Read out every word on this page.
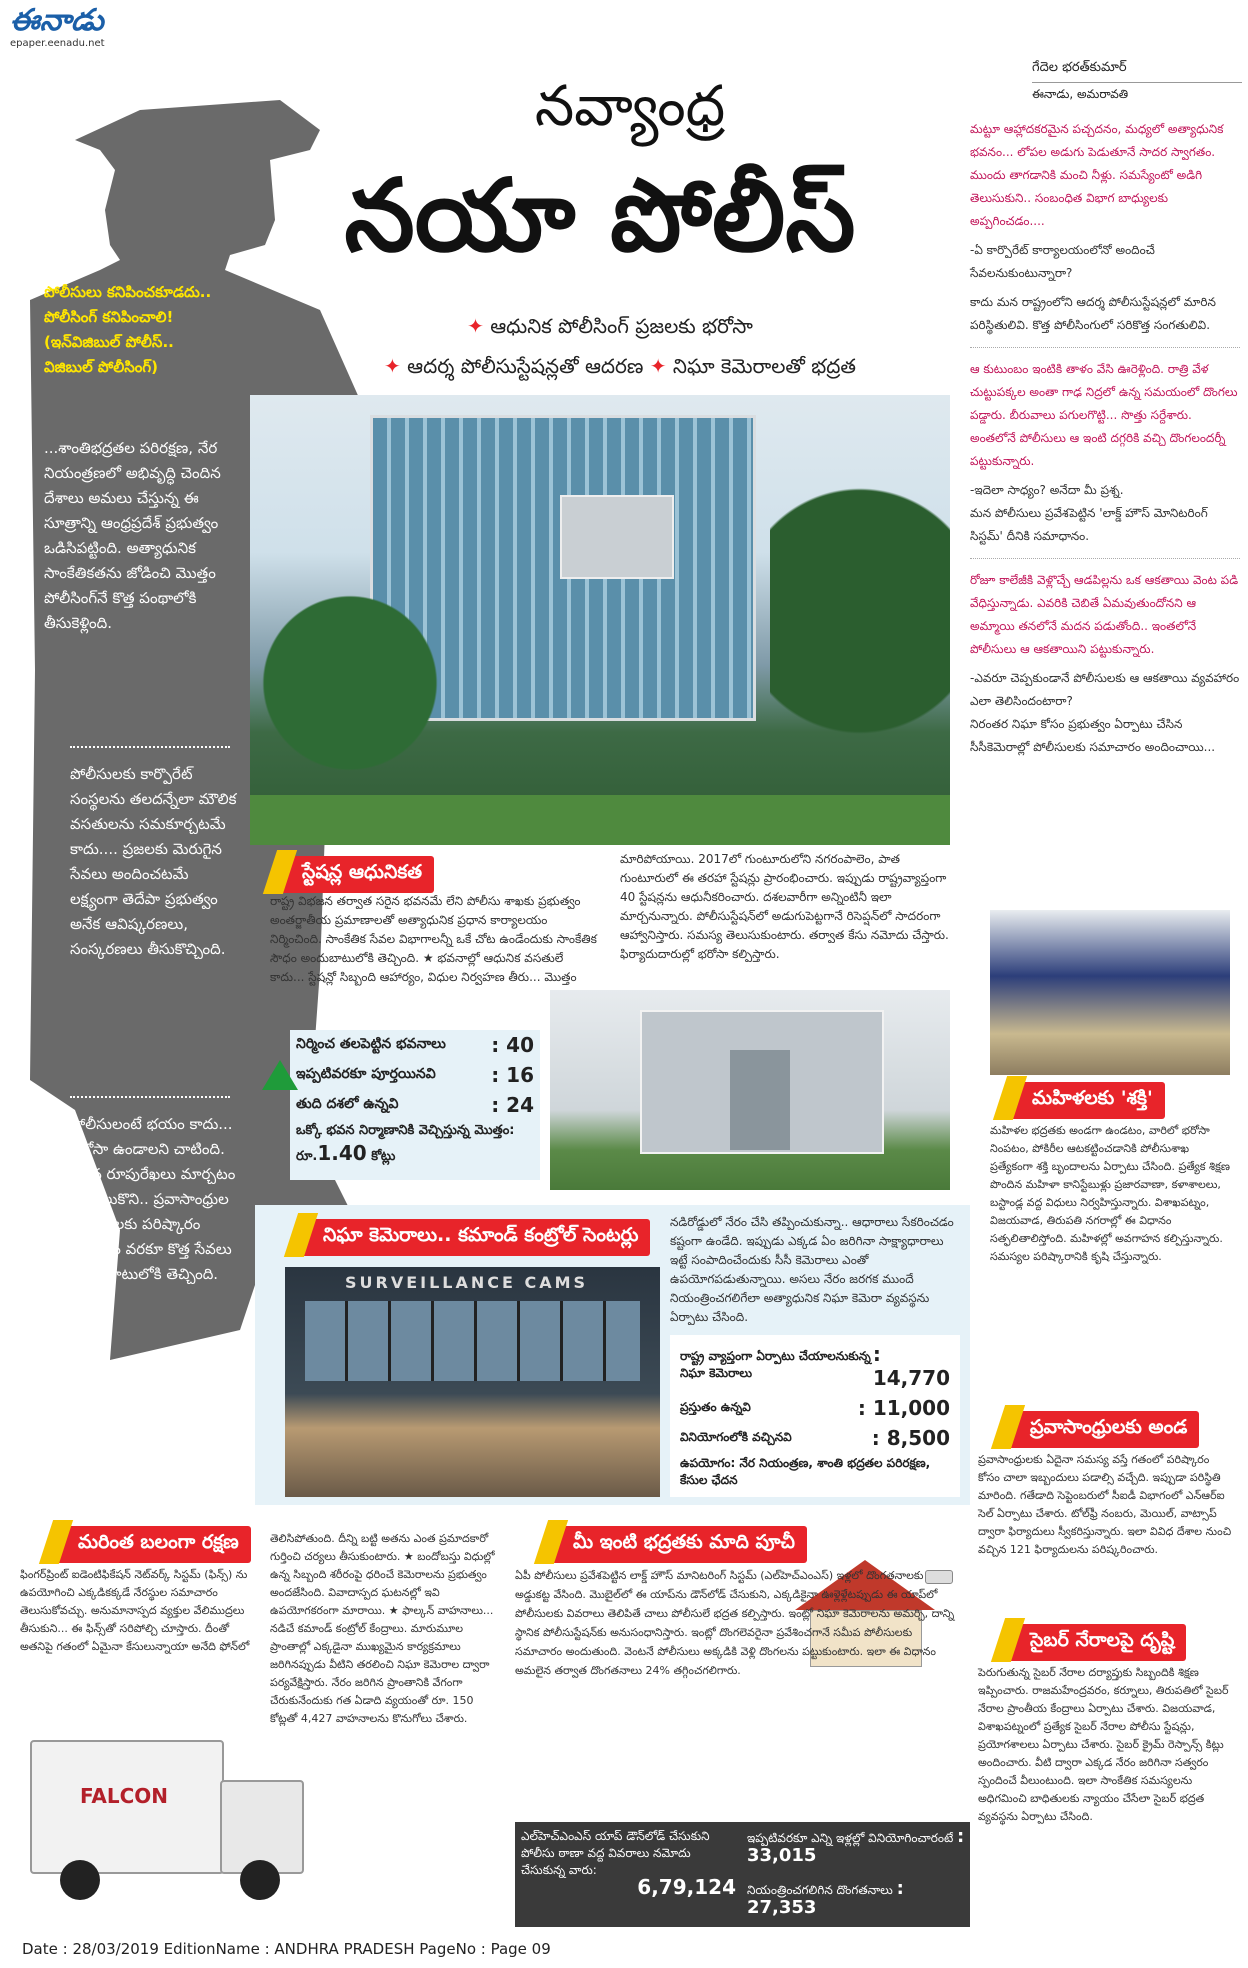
ఈనాడు
epaper.eenadu.net
నవ్యాంధ్ర
నయా పోలీస్
✦ ఆధునిక పోలీసింగ్ ప్రజలకు భరోసా
✦ ఆదర్శ పోలీసుస్టేషన్లతో ఆదరణ ✦ నిఘా కెమెరాలతో భద్రత
గేదెల భరత్‌కుమార్
ఈనాడు, అమరావతి
పోలీసులు కనిపించకూడదు..
పోలీసింగ్ కనిపించాలి!
(ఇన్‌విజిబుల్ పోలీస్..
విజిబుల్ పోలీసింగ్)
...శాంతిభద్రతల పరిరక్షణ, నేర నియంత్రణలో అభివృద్ధి చెందిన దేశాలు అమలు చేస్తున్న ఈ సూత్రాన్ని ఆంధ్రప్రదేశ్ ప్రభుత్వం ఒడిసిపట్టింది. అత్యాధునిక సాంకేతికతను జోడించి మొత్తం పోలీసింగ్‌నే కొత్త పంథాలోకి తీసుకెళ్లింది.
పోలీసులకు కార్పొరేట్ సంస్థలను తలదన్నేలా మౌలిక వసతులను సమకూర్చటమే కాదు.... ప్రజలకు మెరుగైన సేవలు అందించటమే లక్ష్యంగా తెదేపా ప్రభుత్వం అనేక ఆవిష్కరణలు, సంస్కరణలు తీసుకొచ్చింది.
పోలీసులంటే భయం కాదు... భరోసా ఉండాలని చాటింది. స్టేషన్ల రూపురేఖలు మార్చటం మొదలుకొని.. ప్రవాసాంధ్రుల సమస్యలకు పరిష్కారం చూపటం వరకూ కొత్త సేవలు అందుబాటులోకి తెచ్చింది.
మట్టూ ఆహ్లాదకరమైన పచ్చదనం, మధ్యలో అత్యాధునిక భవనం... లోపల అడుగు పెడుతూనే సాదర స్వాగతం. ముందు తాగడానికి మంచి నీళ్లు. సమస్యేంటో అడిగి తెలుసుకుని.. సంబంధిత విభాగ బాధ్యులకు అప్పగించడం....
-ఏ కార్పొరేట్ కార్యాలయంలోనో అందించే సేవలనుకుంటున్నారా?
కాదు మన రాష్ట్రంలోని ఆదర్శ పోలీసుస్టేషన్లలో మారిన పరిస్థితులివి. కొత్త పోలీసింగులో సరికొత్త సంగతులివి.
ఆ కుటుంబం ఇంటికి తాళం వేసి ఊరెళ్లింది. రాత్రి వేళ చుట్టుపక్కల అంతా గాఢ నిద్రలో ఉన్న సమయంలో దొంగలు పడ్డారు. బీరువాలు పగులగొట్టి... సొత్తు సర్దేశారు. అంతలోనే పోలీసులు ఆ ఇంటి దగ్గరికి వచ్చి దొంగలందర్నీ పట్టుకున్నారు.
-ఇదెలా సాధ్యం? అనేదా మీ ప్రశ్న.
మన పోలీసులు ప్రవేశపెట్టిన 'లాక్డ్ హౌస్ మోనిటరింగ్ సిస్టమ్' దీనికి సమాధానం.
రోజూ కాలేజీకి వెళ్లొచ్చే ఆడపిల్లను ఒక ఆకతాయి వెంట పడి వేధిస్తున్నాడు. ఎవరికి చెబితే ఏమవుతుందోనని ఆ అమ్మాయి తనలోనే మదన పడుతోంది.. ఇంతలోనే పోలీసులు ఆ ఆకతాయిని పట్టుకున్నారు.
-ఎవరూ చెప్పకుండానే పోలీసులకు ఆ ఆకతాయి వ్యవహారం ఎలా తెలిసిందంటారా?
నిరంతర నిఘా కోసం ప్రభుత్వం ఏర్పాటు చేసిన సీసీకెమెరాల్లో పోలీసులకు సమాచారం అందించాయి...
స్టేషన్ల ఆధునికత
రాష్ట్ర విభజన తర్వాత సరైన భవనమే లేని పోలీసు శాఖకు ప్రభుత్వం అంతర్జాతీయ ప్రమాణాలతో అత్యాధునిక ప్రధాన కార్యాలయం నిర్మించింది. సాంకేతిక సేవల విభాగాలన్నీ ఒకే చోట ఉండేందుకు సాంకేతిక సౌధం అందుబాటులోకి తెచ్చింది. ★ భవనాల్లో ఆధునిక వసతులే కాదు... స్టేషన్లో సిబ్బంది ఆహార్యం, విధుల నిర్వహణ తీరు... మొత్తం
మారిపోయాయి. 2017లో గుంటూరులోని నగరంపాలెం, పాత గుంటూరులో ఈ తరహా స్టేషన్లు ప్రారంభించారు. ఇప్పుడు రాష్ట్రవ్యాప్తంగా 40 స్టేషన్లను ఆధునీకరించారు. దశలవారీగా అన్నింటినీ ఇలా మార్చనున్నారు. పోలీసుస్టేషన్‌లో అడుగుపెట్టగానే రిసెప్షన్‌లో సాదరంగా ఆహ్వానిస్తారు. సమస్య తెలుసుకుంటారు. తర్వాత కేసు నమోదు చేస్తారు. ఫిర్యాదుదారుల్లో భరోసా కల్పిస్తారు.
నిర్మించ తలపెట్టిన భవనాలు : 40
ఇప్పటివరకూ పూర్తయినవి	: 16
తుది దశలో ఉన్నవి	: 24
ఒక్కో భవన నిర్మాణానికి వెచ్చిస్తున్న మొత్తం: రూ.1.40 కోట్లు
నిఘా కెమెరాలు.. కమాండ్ కంట్రోల్ సెంటర్లు
SURVEILLANCE CAMS
నడిరోడ్డులో నేరం చేసి తప్పించుకున్నా.. ఆధారాలు సేకరించడం కష్టంగా ఉండేది. ఇప్పుడు ఎక్కడ ఏం జరిగినా సాక్ష్యాధారాలు ఇట్టే సంపాదించేందుకు సీసీ కెమెరాలు ఎంతో ఉపయోగపడుతున్నాయి. అసలు నేరం జరగక ముందే నియంత్రించగలిగేలా అత్యాధునిక నిఘా కెమెరా వ్యవస్థను ఏర్పాటు చేసింది.
రాష్ట్ర వ్యాప్తంగా ఏర్పాటు చేయాలనుకున్న నిఘా కెమెరాలు
: 14,770
ప్రస్తుతం ఉన్నవి	: 11,000
వినియోగంలోకి వచ్చినవి	: 8,500
ఉపయోగం: నేర నియంత్రణ, శాంతి భద్రతల పరిరక్షణ, కేసుల ఛేదన
మహిళలకు 'శక్తి'
మహిళల భద్రతకు అండగా ఉండటం, వారిలో భరోసా నింపటం, పోకిరీల ఆటకట్టించడానికి పోలీసుశాఖ ప్రత్యేకంగా శక్తి బృందాలను ఏర్పాటు చేసింది. ప్రత్యేక శిక్షణ పొందిన మహిళా కానిస్టేబుళ్లు ప్రజారవాణా, కళాశాలలు, బస్టాండ్ల వద్ద విధులు నిర్వహిస్తున్నారు. విశాఖపట్నం, విజయవాడ, తిరుపతి నగరాల్లో ఈ విధానం సత్ఫలితాలిస్తోంది. మహిళల్లో అవగాహన కల్పిస్తున్నారు. సమస్యల పరిష్కారానికి కృషి చేస్తున్నారు.
ప్రవాసాంధ్రులకు అండ
ప్రవాసాంధ్రులకు ఏదైనా సమస్య వస్తే గతంలో పరిష్కారం కోసం చాలా ఇబ్బందులు పడాల్సి వచ్చేది. ఇప్పుడా పరిస్థితి మారింది. గతేడాది సెప్టెంబరులో సీఐడీ విభాగంలో ఎన్‌ఆర్‌ఐ సెల్ ఏర్పాటు చేశారు. టోల్‌ఫ్రీ నంబరు, మెయిల్, వాట్సాప్ ద్వారా ఫిర్యాదులు స్వీకరిస్తున్నారు. ఇలా వివిధ దేశాల నుంచి వచ్చిన 121 ఫిర్యాదులను పరిష్కరించారు.
సైబర్ నేరాలపై దృష్టి
పెరుగుతున్న సైబర్ నేరాల దర్యాప్తుకు సిబ్బందికి శిక్షణ ఇప్పించారు. రాజమహేంద్రవరం, కర్నూలు, తిరుపతిలో సైబర్ నేరాల ప్రాంతీయ కేంద్రాలు ఏర్పాటు చేశారు. విజయవాడ, విశాఖపట్నంలో ప్రత్యేక సైబర్ నేరాల పోలీసు స్టేషన్లు, ప్రయోగశాలలు ఏర్పాటు చేశారు. సైబర్ క్రైమ్ రెస్పాన్స్ కిట్లు అందించారు. వీటి ద్వారా ఎక్కడ నేరం జరిగినా సత్వరం స్పందించే వీలుంటుంది. ఇలా సాంకేతిక సమస్యలను అధిగమించి బాధితులకు న్యాయం చేసేలా సైబర్ భద్రత వ్యవస్థను ఏర్పాటు చేసింది.
మరింత బలంగా రక్షణ
ఫింగర్‌ప్రింట్ ఐడెంటిఫికేషన్ నెట్‌వర్క్ సిస్టమ్ (ఫిన్స్) ను ఉపయోగించి ఎక్కడికక్కడే నేరస్థుల సమాచారం తెలుసుకోవచ్చు. అనుమానాస్పద వ్యక్తుల వేలిముద్రలు తీసుకుని... ఈ ఫిన్స్‌తో సరిపోల్చి చూస్తారు. దీంతో అతనిపై గతంలో ఏమైనా కేసులున్నాయా అనేది ఫోన్‌లో
తెలిసిపోతుంది. దీన్ని బట్టి అతను ఎంత ప్రమాదకారో గుర్తించి చర్యలు తీసుకుంటారు. ★ బందోబస్తు విధుల్లో ఉన్న సిబ్బంది శరీరంపై ధరించే కెమెరాలను ప్రభుత్వం అందజేసింది. వివాదాస్పద ఘటనల్లో ఇవి ఉపయోగకరంగా మారాయి. ★ ఫాల్కన్ వాహనాలు... నడిచే కమాండ్ కంట్రోల్ కేంద్రాలు. మారుమూల ప్రాంతాల్లో ఎక్కడైనా ముఖ్యమైన కార్యక్రమాలు జరిగినప్పుడు వీటిని తరలించి నిఘా కెమెరాల ద్వారా పర్యవేక్షిస్తారు. నేరం జరిగిన ప్రాంతానికి వేగంగా చేరుకునేందుకు గత ఏడాది వ్యయంతో రూ. 150 కోట్లతో 4,427 వాహనాలను కొనుగోలు చేశారు.
FALCON
మీ ఇంటి భద్రతకు మాది పూచీ
ఏపీ పోలీసులు ప్రవేశపెట్టిన లాక్డ్ హౌస్ మానిటరింగ్ సిస్టమ్ (ఎల్‌హెచ్‌ఎంఎస్) ఇళ్లలో దొంగతనాలకు అడ్డుకట్ట వేసింది. మొబైల్‌లో ఈ యాప్‌ను డౌన్‌లోడ్ చేసుకుని, ఎక్కడికైనా ఊళ్లెళ్లేటప్పుడు ఈ యాప్‌లో పోలీసులకు వివరాలు తెలిపితే చాలు పోలీసులే భద్రత కల్పిస్తారు. ఇంట్లో నిఘా కెమెరాలను అమర్చి, దాన్ని స్థానిక పోలీసుస్టేషన్‌కు అనుసంధానిస్తారు. ఇంట్లో దొంగలెవరైనా ప్రవేశించగానే సమీప పోలీసులకు సమాచారం అందుతుంది. వెంటనే పోలీసులు అక్కడికి వెళ్లి దొంగలను పట్టుకుంటారు. ఇలా ఈ విధానం అమలైన తర్వాత దొంగతనాలు 24% తగ్గించగలిగారు.
ఎల్‌హెచ్‌ఎంఎస్ యాప్ డౌన్‌లోడ్ చేసుకుని పోలీసు ఠాణా వద్ద వివరాలు నమోదు చేసుకున్న వారు:
6,79,124
ఇప్పటివరకూ ఎన్ని ఇళ్లల్లో వినియోగించారంటే : 33,015
నియంత్రించగలిగిన దొంగతనాలు : 27,353
Date : 28/03/2019 EditionName : ANDHRA PRADESH PageNo : Page 09
